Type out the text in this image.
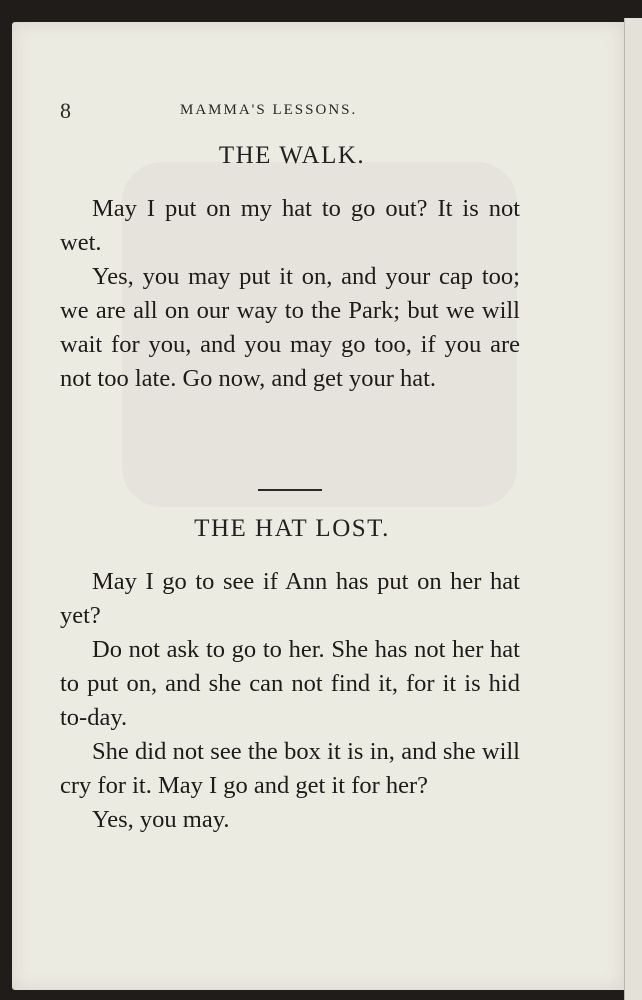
8	MAMMA'S LESSONS.
THE WALK.

May I put on my hat to go out? It is not wet.

Yes, you may put it on, and your cap too; we are all on our way to the Park; but we will wait for you, and you may go too, if you are not too late. Go now, and get your hat.

THE HAT LOST.

May I go to see if Ann has put on her hat yet?

Do not ask to go to her. She has not her hat to put on, and she can not find it, for it is hid to-day.

She did not see the box it is in, and she will cry for it. May I go and get it for her?

Yes, you may.
